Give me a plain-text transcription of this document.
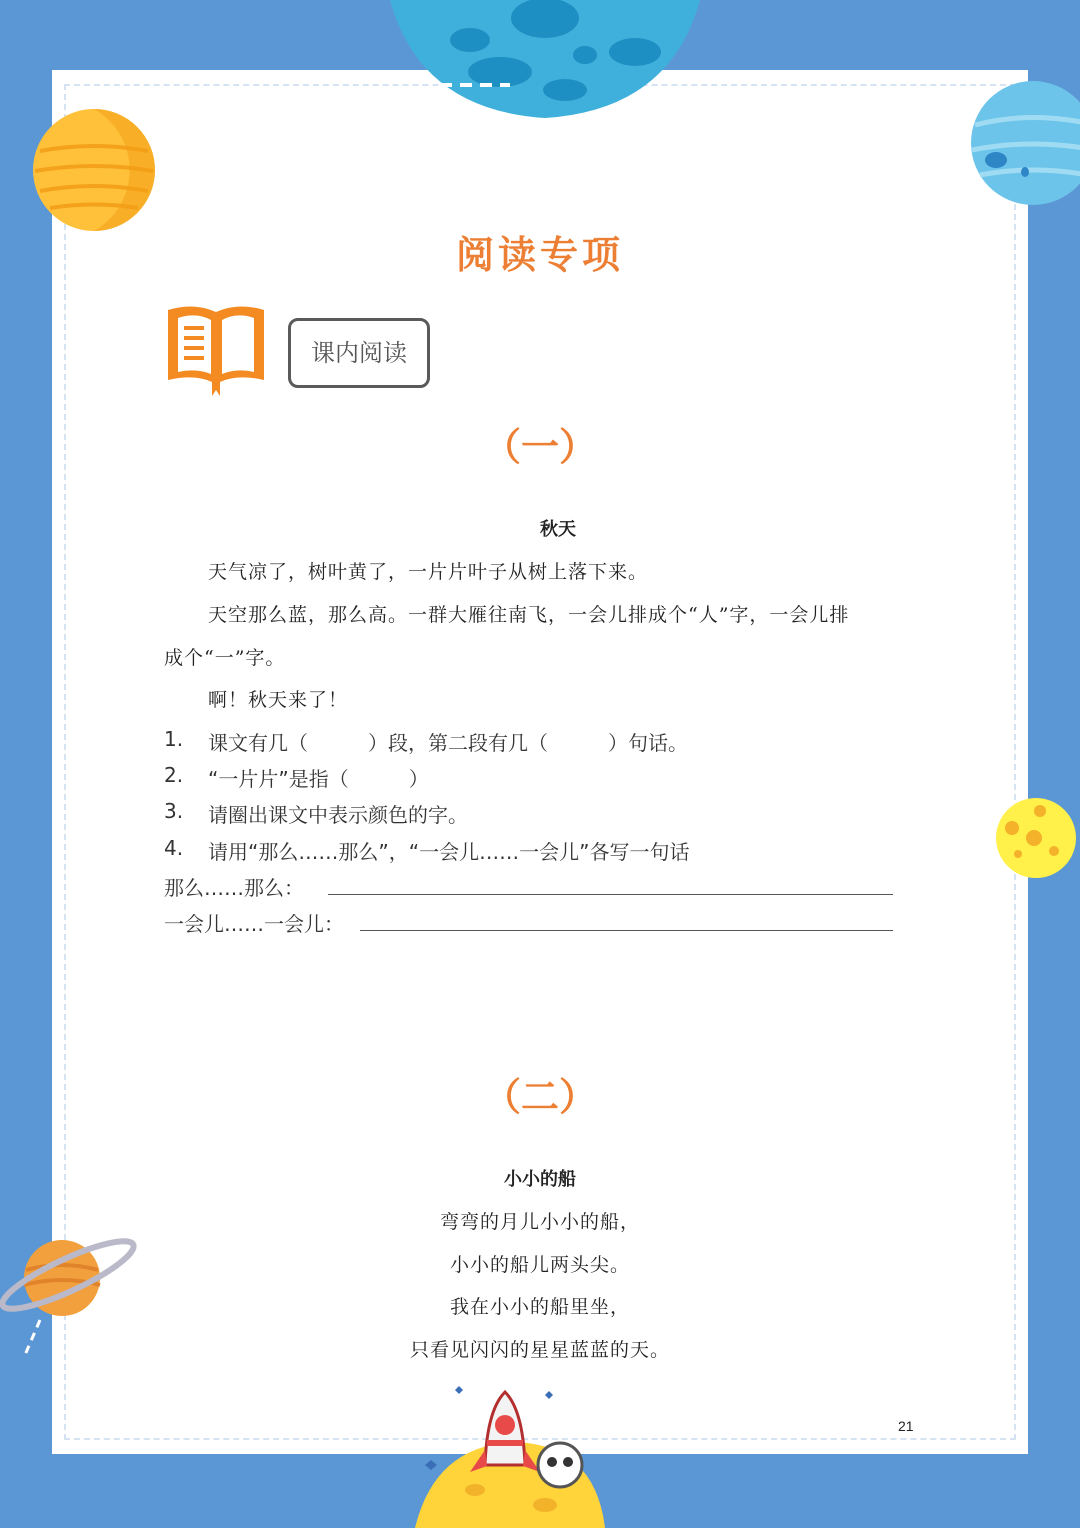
阅读专项
课内阅读
（一）
秋天
天气凉了，树叶黄了，一片片叶子从树上落下来。
天空那么蓝，那么高。一群大雁往南飞，一会儿排成个“人”字，一会儿排
成个“一”字。
啊！秋天来了！
1. 课文有几（　　　）段，第二段有几（　　　）句话。
2. “一片片”是指（　　　）
3. 请圈出课文中表示颜色的字。
4. 请用“那么……那么”，“一会儿……一会儿”各写一句话
那么……那么：
一会儿……一会儿：
（二）
小小的船
弯弯的月儿小小的船，
小小的船儿两头尖。
我在小小的船里坐，
只看见闪闪的星星蓝蓝的天。
21
